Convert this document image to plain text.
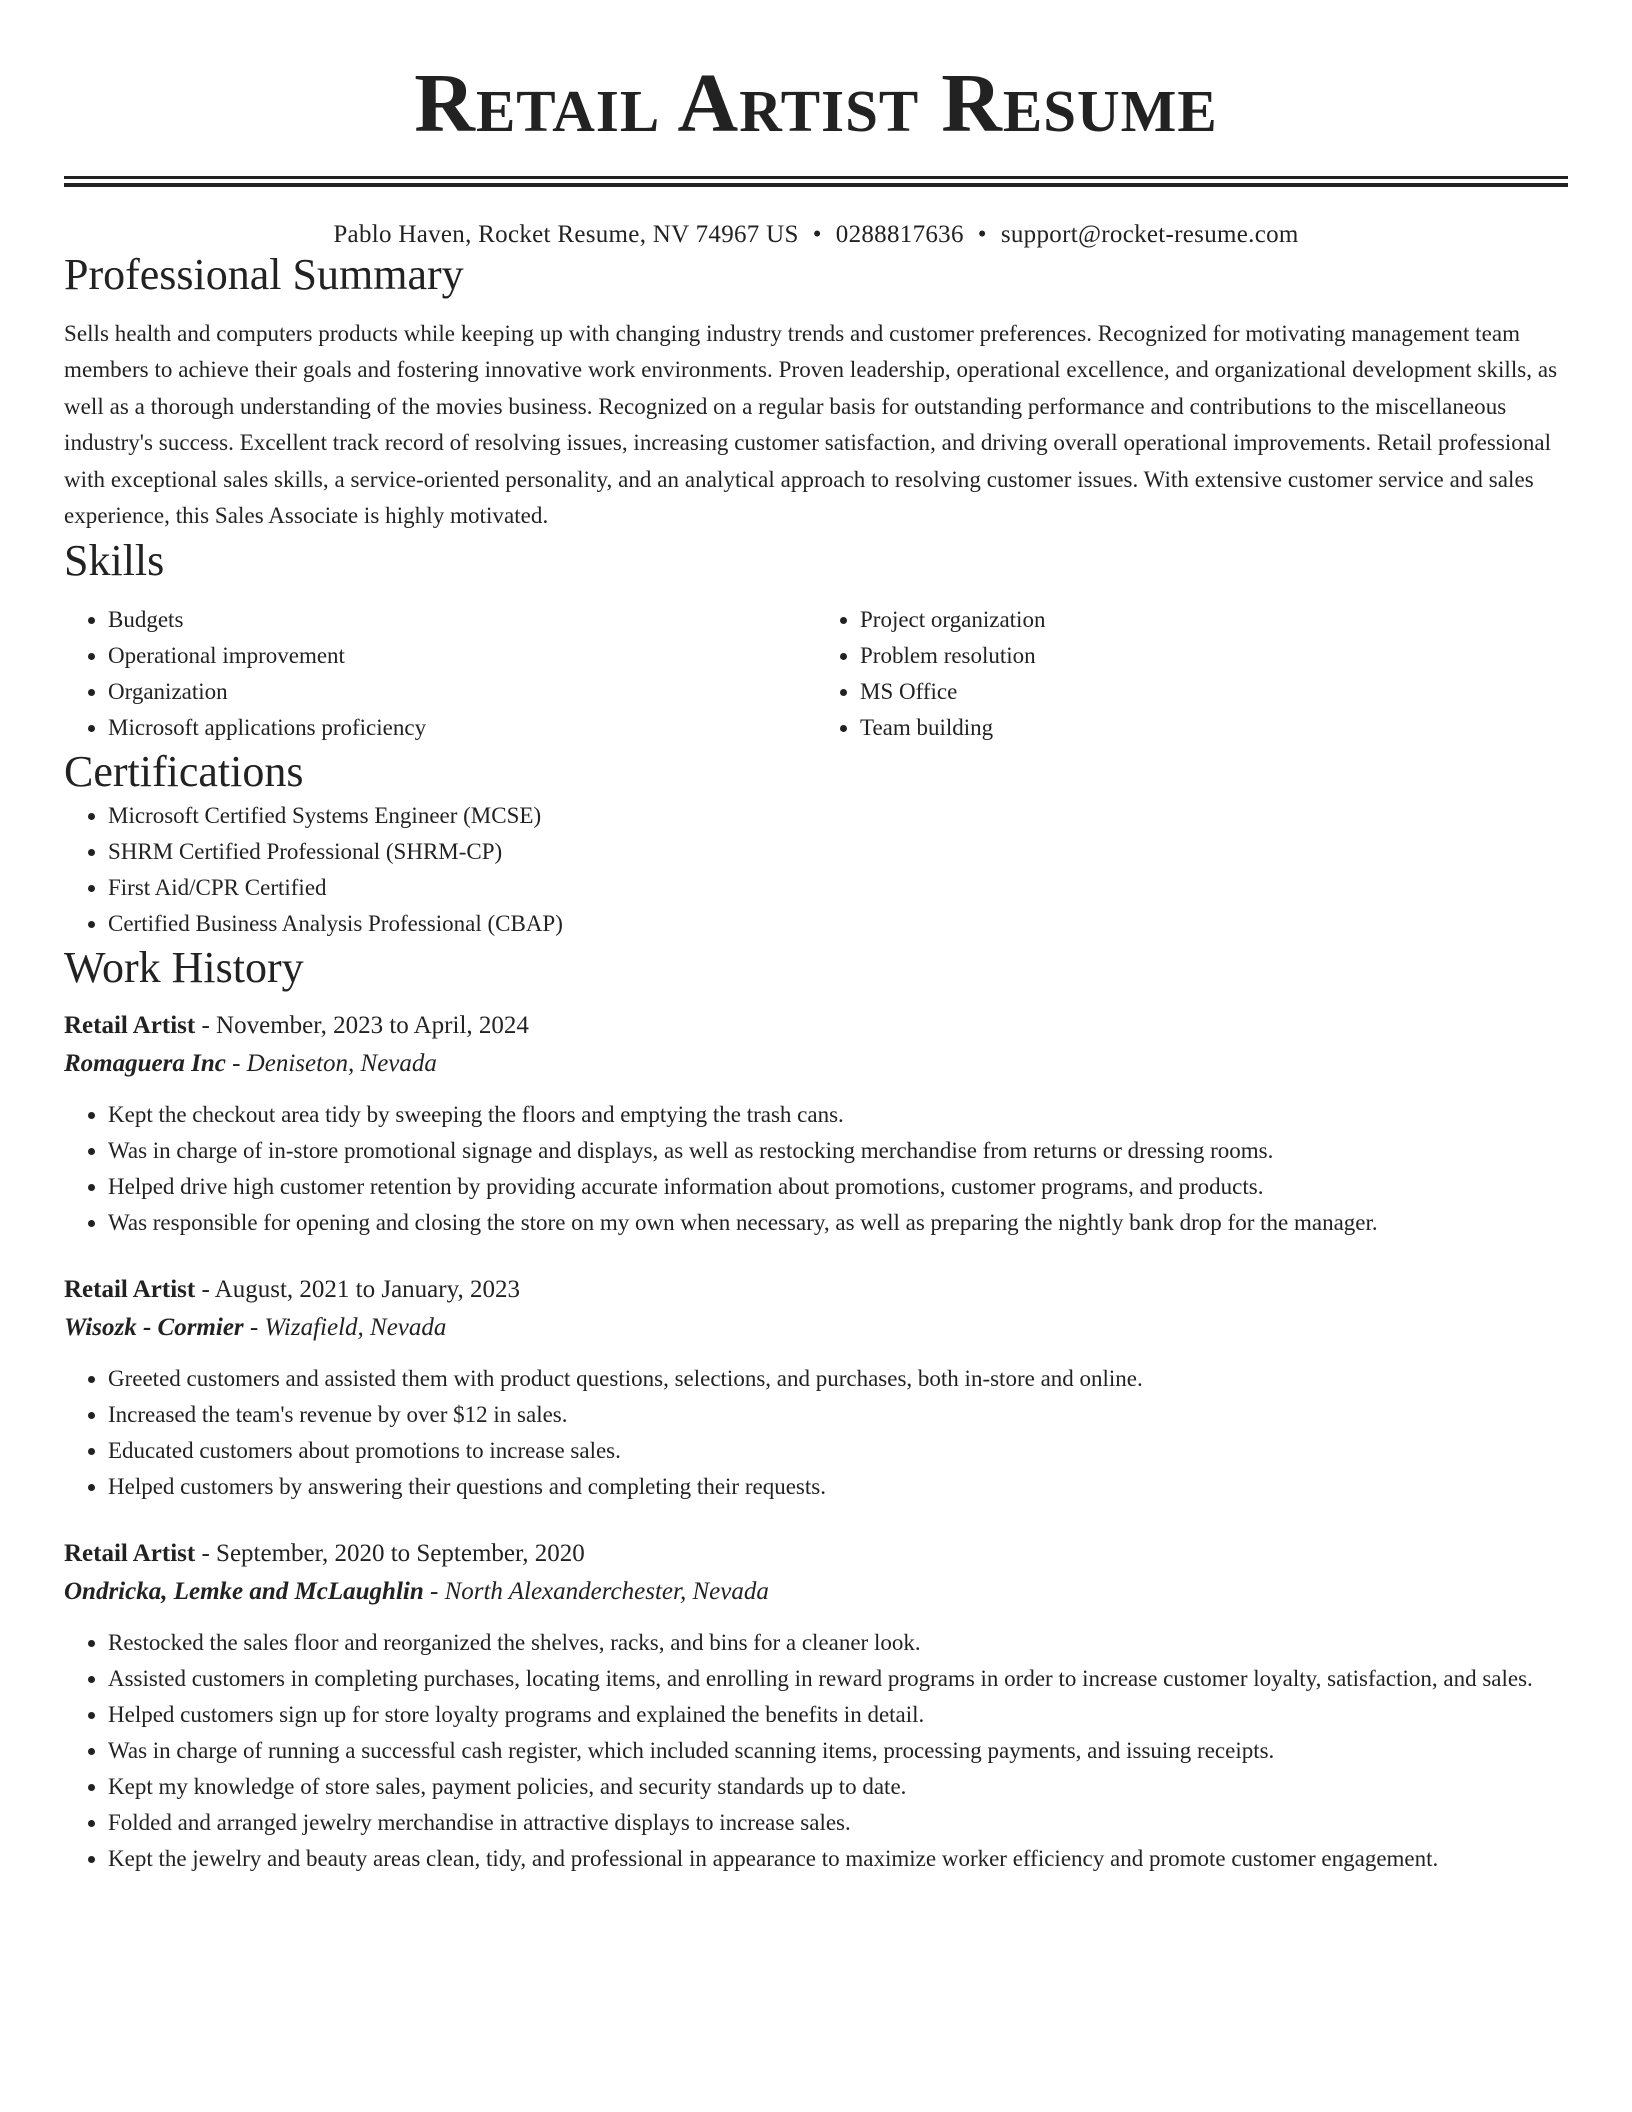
Retail Artist Resume
Pablo Haven, Rocket Resume, NV 74967 US • 0288817636 • support@rocket-resume.com
Professional Summary

Sells health and computers products while keeping up with changing industry trends and customer preferences. Recognized for motivating management team members to achieve their goals and fostering innovative work environments. Proven leadership, operational excellence, and organizational development skills, as well as a thorough understanding of the movies business. Recognized on a regular basis for outstanding performance and contributions to the miscellaneous industry's success. Excellent track record of resolving issues, increasing customer satisfaction, and driving overall operational improvements. Retail professional with exceptional sales skills, a service-oriented personality, and an analytical approach to resolving customer issues. With extensive customer service and sales experience, this Sales Associate is highly motivated.

Skills
• Budgets
• Operational improvement
• Organization
• Microsoft applications proficiency
• Project organization
• Problem resolution
• MS Office
• Team building
Certifications
• Microsoft Certified Systems Engineer (MCSE)
• SHRM Certified Professional (SHRM-CP)
• First Aid/CPR Certified
• Certified Business Analysis Professional (CBAP)
Work History
Retail Artist - November, 2023 to April, 2024
Romaguera Inc - Deniseton, Nevada
• Kept the checkout area tidy by sweeping the floors and emptying the trash cans.
• Was in charge of in-store promotional signage and displays, as well as restocking merchandise from returns or dressing rooms.
• Helped drive high customer retention by providing accurate information about promotions, customer programs, and products.
• Was responsible for opening and closing the store on my own when necessary, as well as preparing the nightly bank drop for the manager.
Retail Artist - August, 2021 to January, 2023
Wisozk - Cormier - Wizafield, Nevada
• Greeted customers and assisted them with product questions, selections, and purchases, both in-store and online.
• Increased the team's revenue by over $12 in sales.
• Educated customers about promotions to increase sales.
• Helped customers by answering their questions and completing their requests.
Retail Artist - September, 2020 to September, 2020
Ondricka, Lemke and McLaughlin - North Alexanderchester, Nevada
• Restocked the sales floor and reorganized the shelves, racks, and bins for a cleaner look.
• Assisted customers in completing purchases, locating items, and enrolling in reward programs in order to increase customer loyalty, satisfaction, and sales.
• Helped customers sign up for store loyalty programs and explained the benefits in detail.
• Was in charge of running a successful cash register, which included scanning items, processing payments, and issuing receipts.
• Kept my knowledge of store sales, payment policies, and security standards up to date.
• Folded and arranged jewelry merchandise in attractive displays to increase sales.
• Kept the jewelry and beauty areas clean, tidy, and professional in appearance to maximize worker efficiency and promote customer engagement.
